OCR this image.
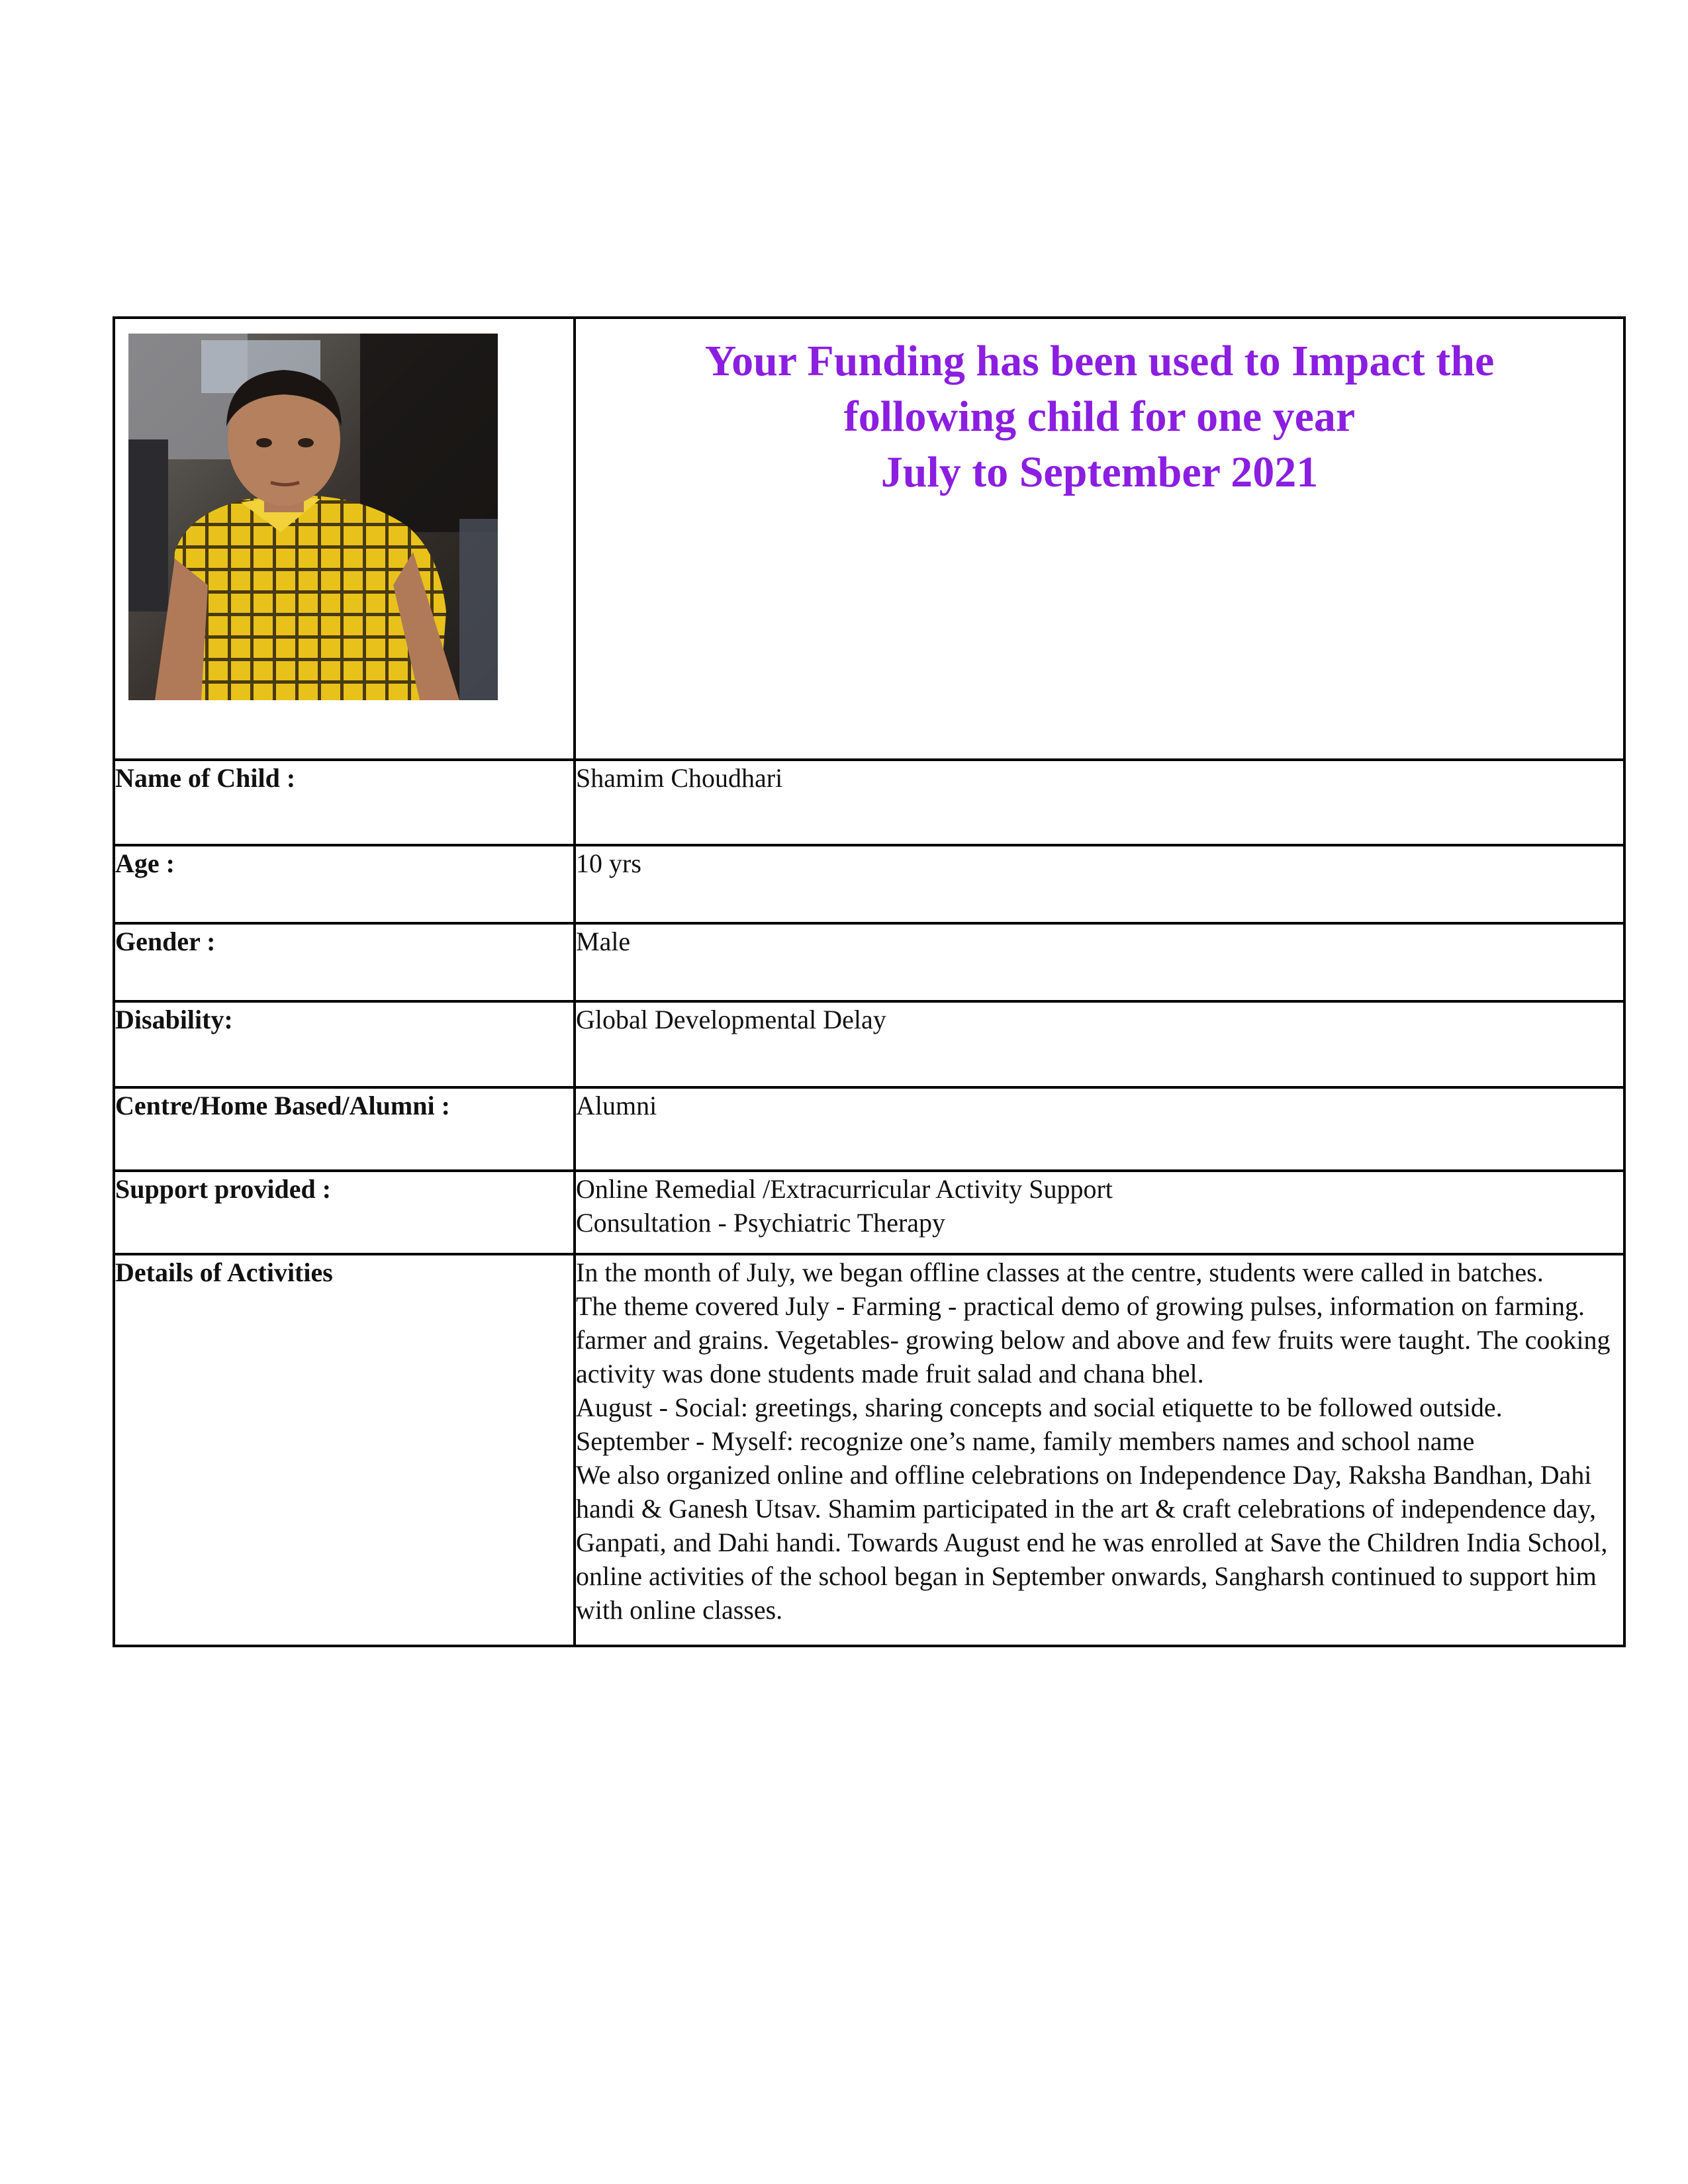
Your Funding has been used to Impact the
following child for one year
July to September 2021

Name of Child :	Shamim Choudhari
Age :	10 yrs
Gender :	Male
Disability:	Global Developmental Delay
Centre/Home Based/Alumni :	Alumni
Support provided :	Online Remedial /Extracurricular Activity Support
Consultation - Psychiatric Therapy

Details of Activities	In the month of July, we began offline classes at the centre, students were called in batches.
The theme covered July - Farming - practical demo of growing pulses, information on farming. farmer and grains. Vegetables- growing below and above and few fruits were taught. The cooking activity was done students made fruit salad and chana bhel.
August - Social: greetings, sharing concepts and social etiquette to be followed outside.
September - Myself: recognize one’s name, family members names and school name
We also organized online and offline celebrations on Independence Day, Raksha Bandhan, Dahi handi & Ganesh Utsav. Shamim participated in the art & craft celebrations of independence day, Ganpati, and Dahi handi. Towards August end he was enrolled at Save the Children India School, online activities of the school began in September onwards, Sangharsh continued to support him with online classes.
